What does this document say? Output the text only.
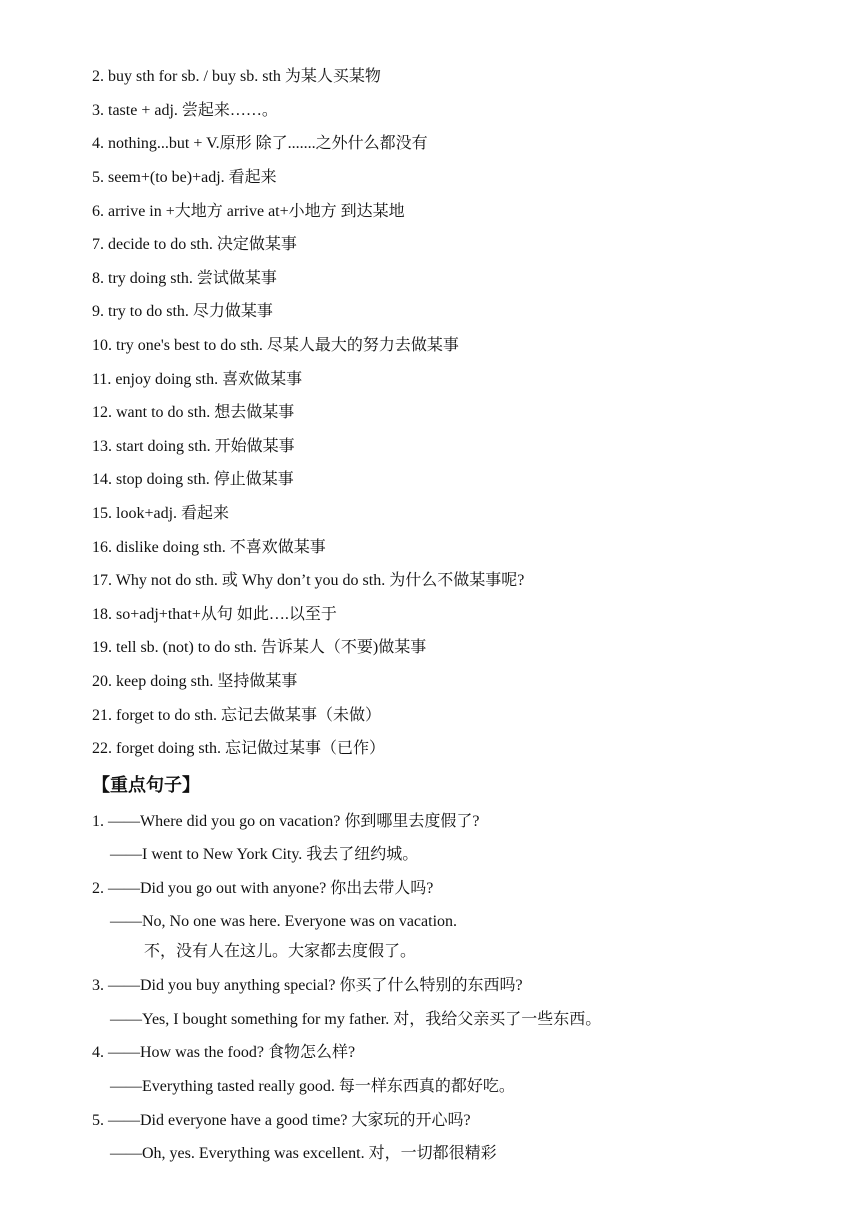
2. buy sth for sb. / buy sb. sth 为某人买某物
3. taste + adj. 尝起来……。
4. nothing...but + V.原形 除了.......之外什么都没有
5. seem+(to be)+adj. 看起来
6. arrive in +大地方 arrive at+小地方 到达某地
7. decide to do sth. 决定做某事
8. try doing sth. 尝试做某事
9. try to do sth. 尽力做某事
10. try one's best to do sth. 尽某人最大的努力去做某事
11. enjoy doing sth. 喜欢做某事
12. want to do sth. 想去做某事
13. start doing sth. 开始做某事
14. stop doing sth. 停止做某事
15. look+adj. 看起来
16. dislike doing sth. 不喜欢做某事
17. Why not do sth. 或 Why don’t you do sth. 为什么不做某事呢?
18. so+adj+that+从句 如此….以至于
19. tell sb. (not) to do sth. 告诉某人（不要)做某事
20. keep doing sth. 坚持做某事
21. forget to do sth. 忘记去做某事（未做）
22. forget doing sth. 忘记做过某事（已作）
【重点句子】
1. ——Where did you go on vacation? 你到哪里去度假了?
——I went to New York City. 我去了纽约城。
2. ——Did you go out with anyone? 你出去带人吗?
——No, No one was here. Everyone was on vacation.
不，没有人在这儿。大家都去度假了。
3. ——Did you buy anything special? 你买了什么特别的东西吗?
——Yes, I bought something for my father. 对，我给父亲买了一些东西。
4. ——How was the food? 食物怎么样?
——Everything tasted really good. 每一样东西真的都好吃。
5. ——Did everyone have a good time? 大家玩的开心吗?
——Oh, yes. Everything was excellent. 对，一切都很精彩
